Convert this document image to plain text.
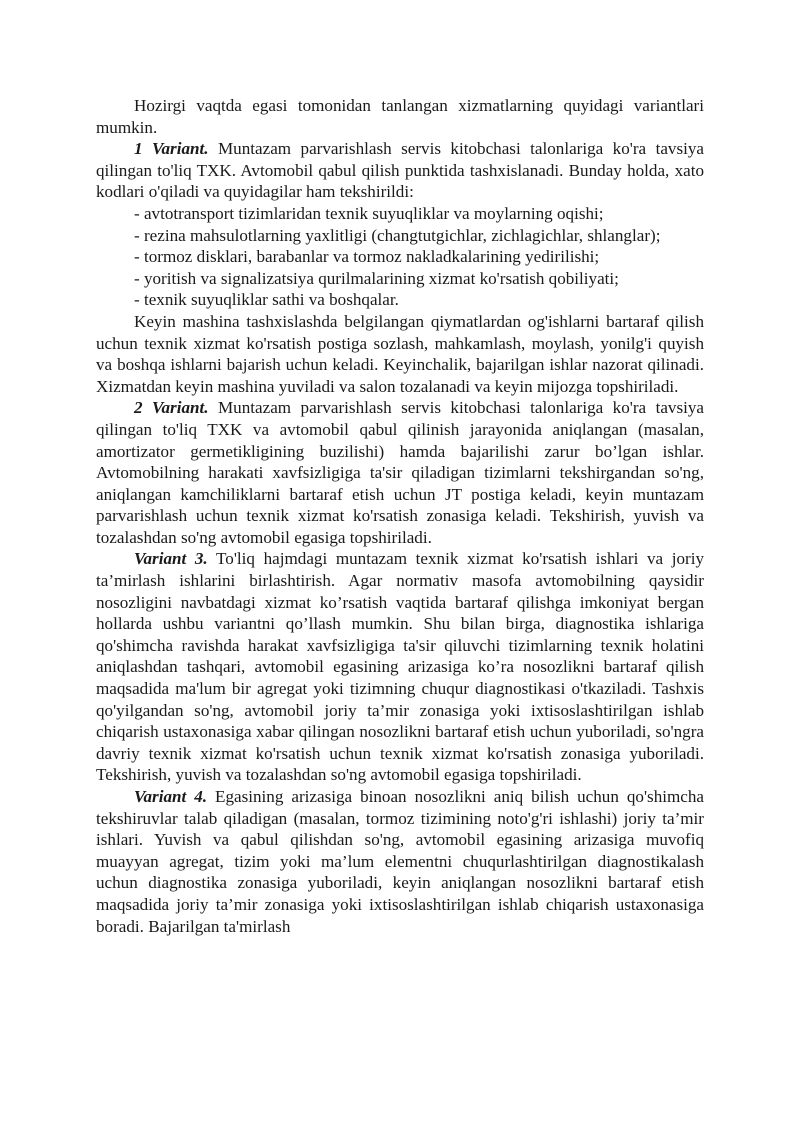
Hozirgi vaqtda egasi tomonidan tanlangan xizmatlarning quyidagi variantlari mumkin.

1 Variant. Muntazam parvarishlash servis kitobchasi talonlariga ko'ra tavsiya qilingan to'liq TXK. Avtomobil qabul qilish punktida tashxislanadi. Bunday holda, xato kodlari o'qiladi va quyidagilar ham tekshirildi:

- avtotransport tizimlaridan texnik suyuqliklar va moylarning oqishi;

- rezina mahsulotlarning yaxlitligi (changtutgichlar, zichlagichlar, shlanglar);

- tormoz disklari, barabanlar va tormoz nakladkalarining yedirilishi;

- yoritish va signalizatsiya qurilmalarining xizmat ko'rsatish qobiliyati;

- texnik suyuqliklar sathi va boshqalar.

Keyin mashina tashxislashda belgilangan qiymatlardan og'ishlarni bartaraf qilish uchun texnik xizmat ko'rsatish postiga sozlash, mahkamlash, moylash, yonilg'i quyish va boshqa ishlarni bajarish uchun keladi. Keyinchalik, bajarilgan ishlar nazorat qilinadi. Xizmatdan keyin mashina yuviladi va salon tozalanadi va keyin mijozga topshiriladi.

2 Variant. Muntazam parvarishlash servis kitobchasi talonlariga ko'ra tavsiya qilingan to'liq TXK va avtomobil qabul qilinish jarayonida aniqlangan (masalan, amortizator germetikligining buzilishi) hamda bajarilishi zarur bo’lgan ishlar. Avtomobilning harakati xavfsizligiga ta'sir qiladigan tizimlarni tekshirgandan so'ng, aniqlangan kamchiliklarni bartaraf etish uchun JT postiga keladi, keyin muntazam parvarishlash uchun texnik xizmat ko'rsatish zonasiga keladi. Tekshirish, yuvish va tozalashdan so'ng avtomobil egasiga topshiriladi.

Variant 3. To'liq hajmdagi muntazam texnik xizmat ko'rsatish ishlari va joriy ta’mirlash ishlarini birlashtirish. Agar normativ masofa avtomobilning qaysidir nosozligini navbatdagi xizmat ko’rsatish vaqtida bartaraf qilishga imkoniyat bergan hollarda ushbu variantni qo’llash mumkin. Shu bilan birga, diagnostika ishlariga qo'shimcha ravishda harakat xavfsizligiga ta'sir qiluvchi tizimlarning texnik holatini aniqlashdan tashqari, avtomobil egasining arizasiga ko’ra nosozlikni bartaraf qilish maqsadida ma'lum bir agregat yoki tizimning chuqur diagnostikasi o'tkaziladi. Tashxis qo'yilgandan so'ng, avtomobil joriy ta’mir zonasiga yoki ixtisoslashtirilgan ishlab chiqarish ustaxonasiga xabar qilingan nosozlikni bartaraf etish uchun yuboriladi, so'ngra davriy texnik xizmat ko'rsatish uchun texnik xizmat ko'rsatish zonasiga yuboriladi. Tekshirish, yuvish va tozalashdan so'ng avtomobil egasiga topshiriladi.

Variant 4. Egasining arizasiga binoan nosozlikni aniq bilish uchun qo'shimcha tekshiruvlar talab qiladigan (masalan, tormoz tizimining noto'g'ri ishlashi) joriy ta’mir ishlari. Yuvish va qabul qilishdan so'ng, avtomobil egasining arizasiga muvofiq muayyan agregat, tizim yoki ma’lum elementni chuqurlashtirilgan diagnostikalash uchun diagnostika zonasiga yuboriladi, keyin aniqlangan nosozlikni bartaraf etish maqsadida joriy ta’mir zonasiga yoki ixtisoslashtirilgan ishlab chiqarish ustaxonasiga boradi. Bajarilgan ta'mirlash
